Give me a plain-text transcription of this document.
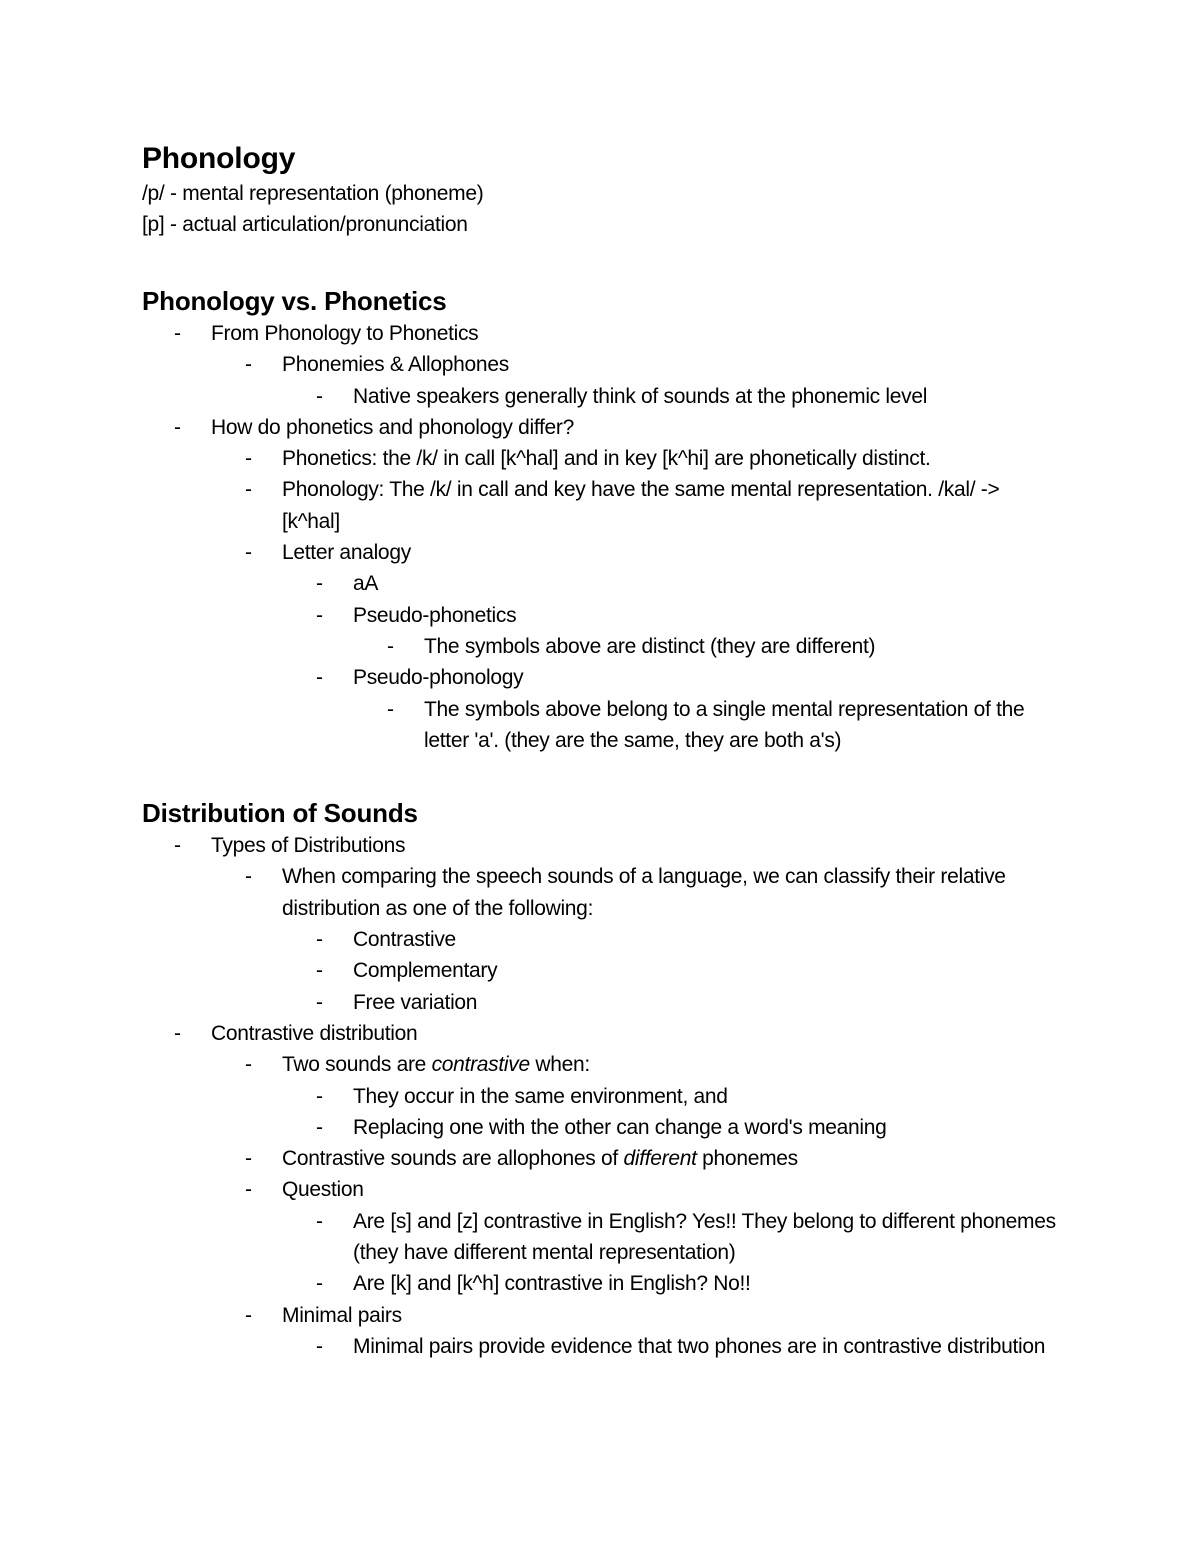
Phonology
/p/ - mental representation (phoneme)
[p] - actual articulation/pronunciation
Phonology vs. Phonetics
- From Phonology to Phonetics
- Phonemies & Allophones
- Native speakers generally think of sounds at the phonemic level
- How do phonetics and phonology differ?
- Phonetics: the /k/ in call [k^hal] and in key [k^hi] are phonetically distinct.
- Phonology: The /k/ in call and key have the same mental representation. /kal/ -> [k^hal]
- Letter analogy
- aA
- Pseudo-phonetics
- The symbols above are distinct (they are different)
- Pseudo-phonology
- The symbols above belong to a single mental representation of the letter 'a'. (they are the same, they are both a's)
Distribution of Sounds
- Types of Distributions
- When comparing the speech sounds of a language, we can classify their relative distribution as one of the following:
- Contrastive
- Complementary
- Free variation
- Contrastive distribution
- Two sounds are contrastive when:
- They occur in the same environment, and
- Replacing one with the other can change a word's meaning
- Contrastive sounds are allophones of different phonemes
- Question
- Are [s] and [z] contrastive in English? Yes!! They belong to different phonemes (they have different mental representation)
- Are [k] and [k^h] contrastive in English? No!!
- Minimal pairs
- Minimal pairs provide evidence that two phones are in contrastive distribution
